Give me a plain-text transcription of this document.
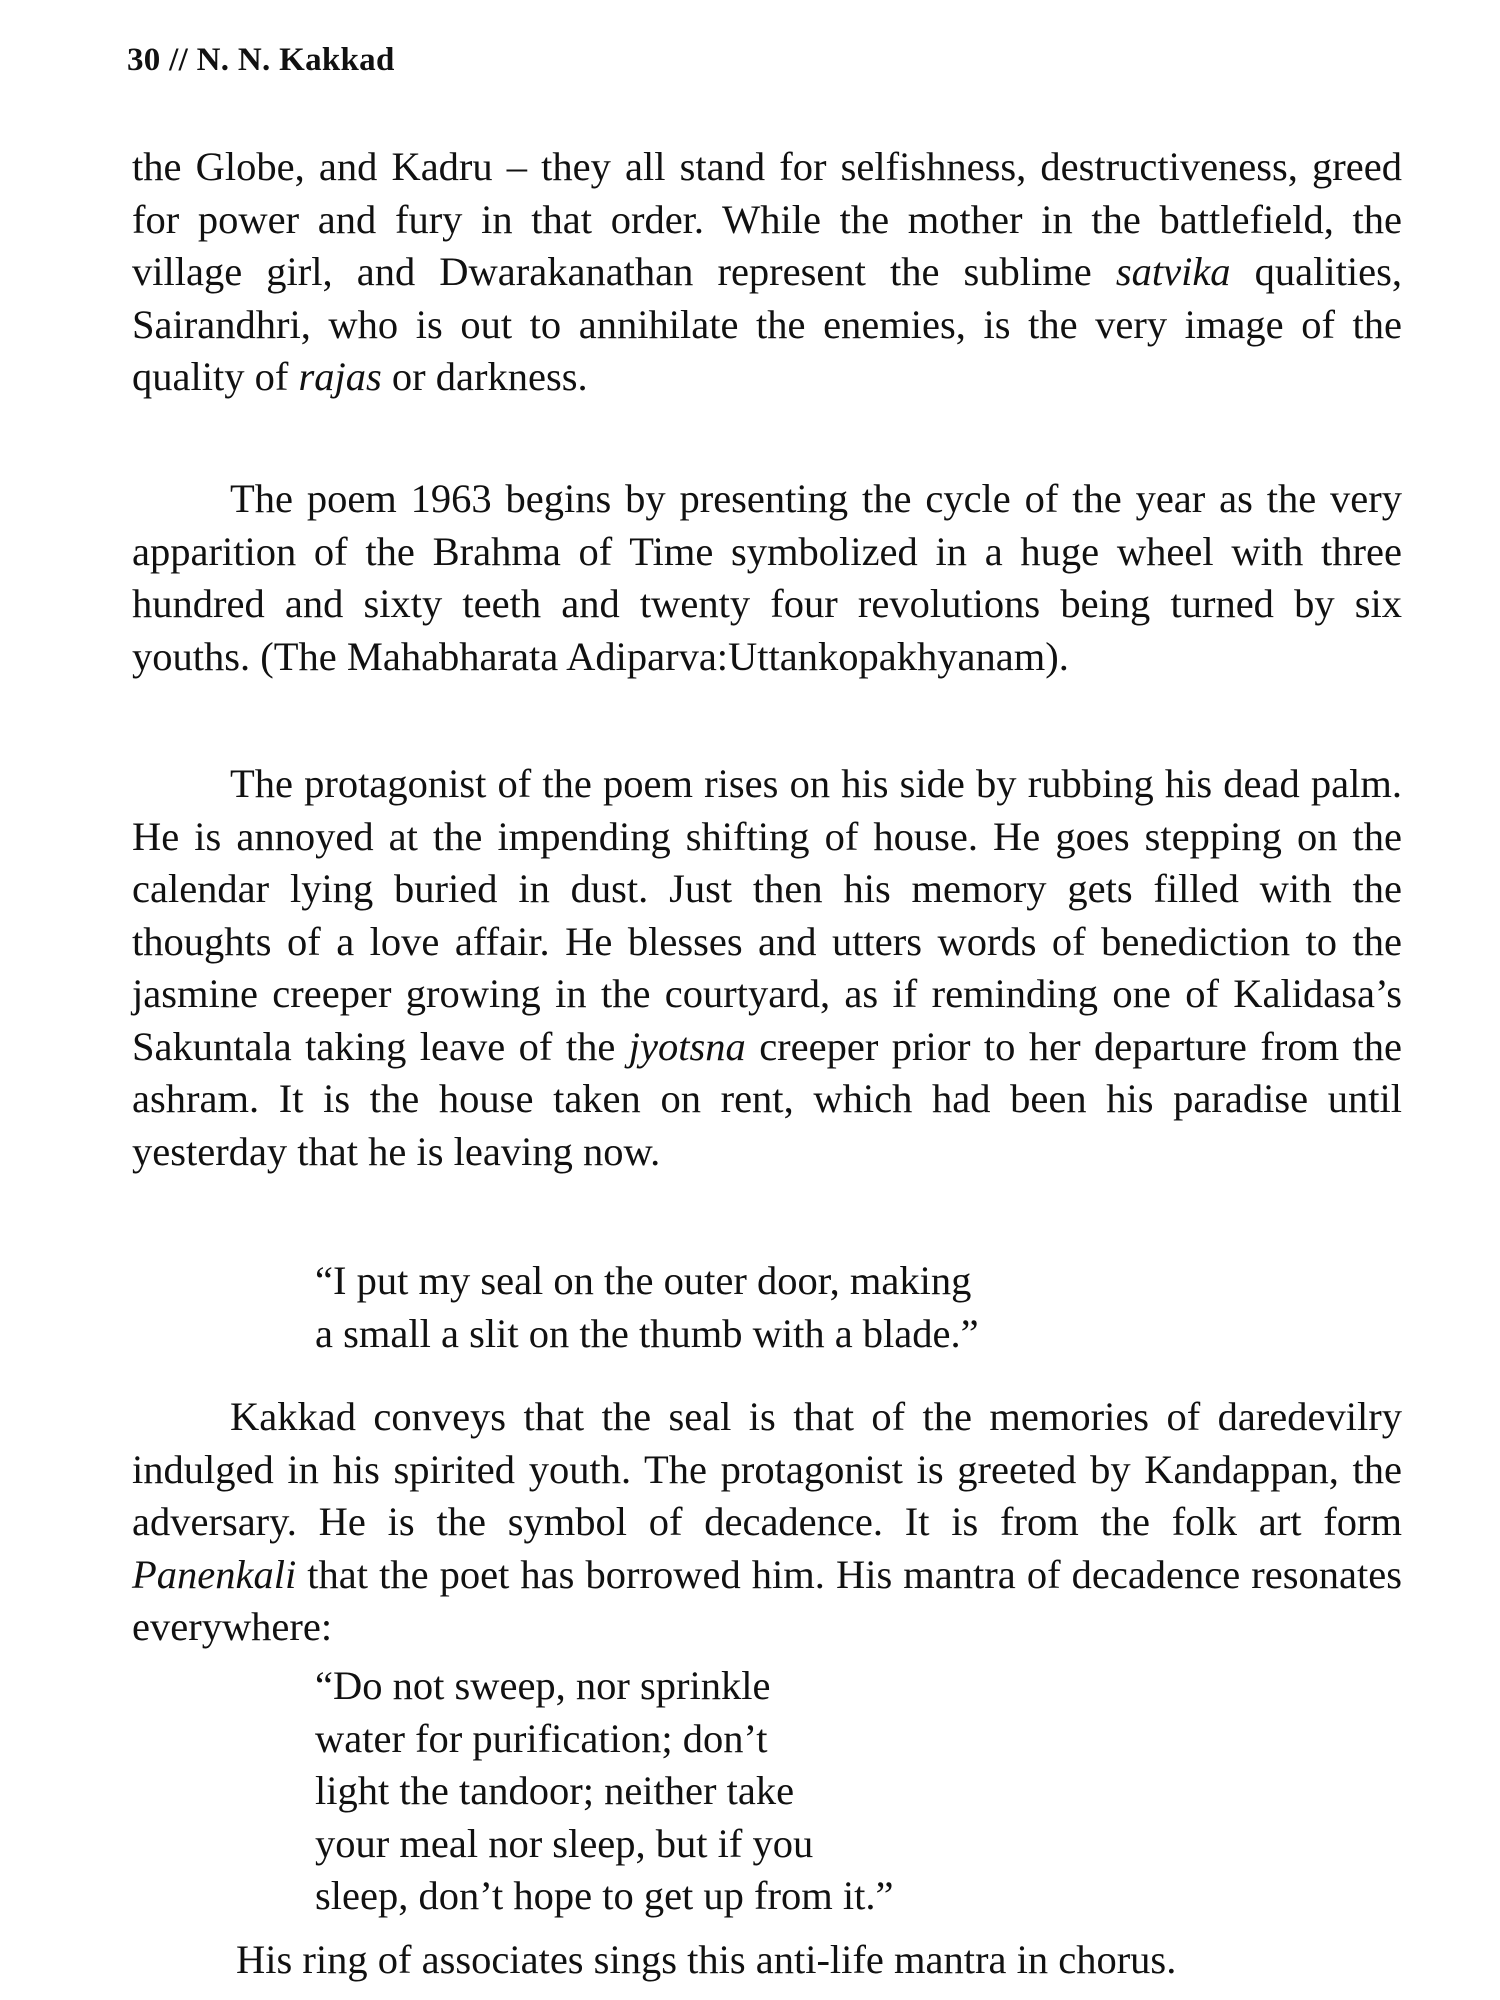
30 // N. N. Kakkad

the Globe, and Kadru – they all stand for selfishness, destructiveness, greed for power and fury in that order. While the mother in the battlefield, the village girl, and Dwarakanathan represent the sublime satvika qualities, Sairandhri, who is out to annihilate the enemies, is the very image of the quality of rajas or darkness.

The poem 1963 begins by presenting the cycle of the year as the very apparition of the Brahma of Time symbolized in a huge wheel with three hundred and sixty teeth and twenty four revolutions being turned by six youths. (The Mahabharata Adiparva:Uttankopakhyanam).

The protagonist of the poem rises on his side by rubbing his dead palm. He is annoyed at the impending shifting of house. He goes stepping on the calendar lying buried in dust. Just then his memory gets filled with the thoughts of a love affair. He blesses and utters words of benediction to the jasmine creeper growing in the courtyard, as if reminding one of Kalidasa’s Sakuntala taking leave of the jyotsna creeper prior to her departure from the ashram. It is the house taken on rent, which had been his paradise until yesterday that he is leaving now.

“I put my seal on the outer door, making
a small a slit on the thumb with a blade.”

Kakkad conveys that the seal is that of the memories of daredevilry indulged in his spirited youth. The protagonist is greeted by Kandappan, the adversary. He is the symbol of decadence. It is from the folk art form Panenkali that the poet has borrowed him. His mantra of decadence resonates everywhere:

“Do not sweep, nor sprinkle
water for purification; don’t
light the tandoor; neither take
your meal nor sleep, but if you
sleep, don’t hope to get up from it.”
His ring of associates sings this anti-life mantra in chorus.
